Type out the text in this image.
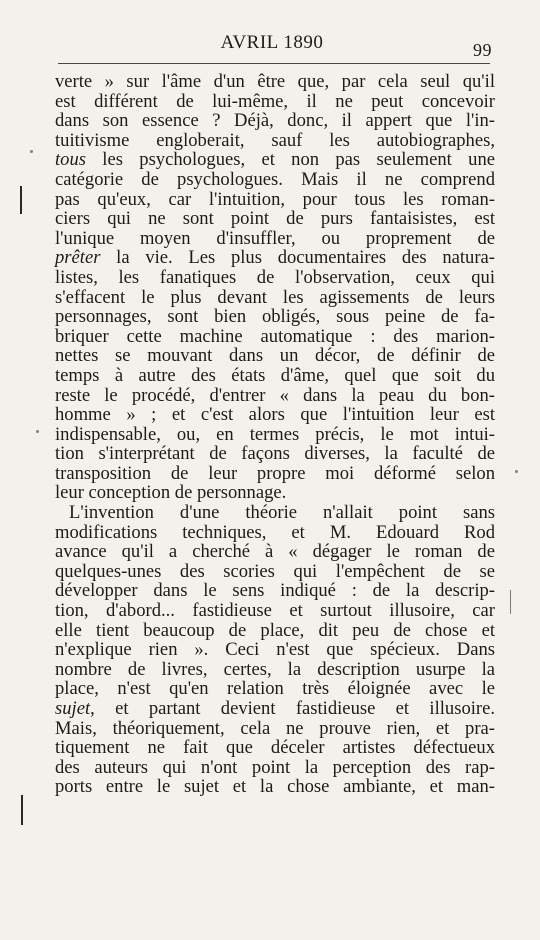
AVRIL 1890	99
verte » sur l'âme d'un être que, par cela seul qu'il
est différent de lui-même, il ne peut concevoir
dans son essence ? Déjà, donc, il appert que l'in-
tuitivisme engloberait, sauf les autobiographes,
tous les psychologues, et non pas seulement une
catégorie de psychologues. Mais il ne comprend
pas qu'eux, car l'intuition, pour tous les roman-
ciers qui ne sont point de purs fantaisistes, est
l'unique moyen d'insuffler, ou proprement de
prêter la vie. Les plus documentaires des natura-
listes, les fanatiques de l'observation, ceux qui
s'effacent le plus devant les agissements de leurs
personnages, sont bien obligés, sous peine de fa-
briquer cette machine automatique : des marion-
nettes se mouvant dans un décor, de définir de
temps à autre des états d'âme, quel que soit du
reste le procédé, d'entrer « dans la peau du bon-
homme » ; et c'est alors que l'intuition leur est
indispensable, ou, en termes précis, le mot intui-
tion s'interprétant de façons diverses, la faculté de
transposition de leur propre moi déformé selon
leur conception de personnage.
L'invention d'une théorie n'allait point sans
modifications techniques, et M. Edouard Rod
avance qu'il a cherché à « dégager le roman de
quelques-unes des scories qui l'empêchent de se
développer dans le sens indiqué : de la descrip-
tion, d'abord... fastidieuse et surtout illusoire, car
elle tient beaucoup de place, dit peu de chose et
n'explique rien ». Ceci n'est que spécieux. Dans
nombre de livres, certes, la description usurpe la
place, n'est qu'en relation très éloignée avec le
sujet, et partant devient fastidieuse et illusoire.
Mais, théoriquement, cela ne prouve rien, et pra-
tiquement ne fait que déceler artistes défectueux
des auteurs qui n'ont point la perception des rap-
ports entre le sujet et la chose ambiante, et man-
